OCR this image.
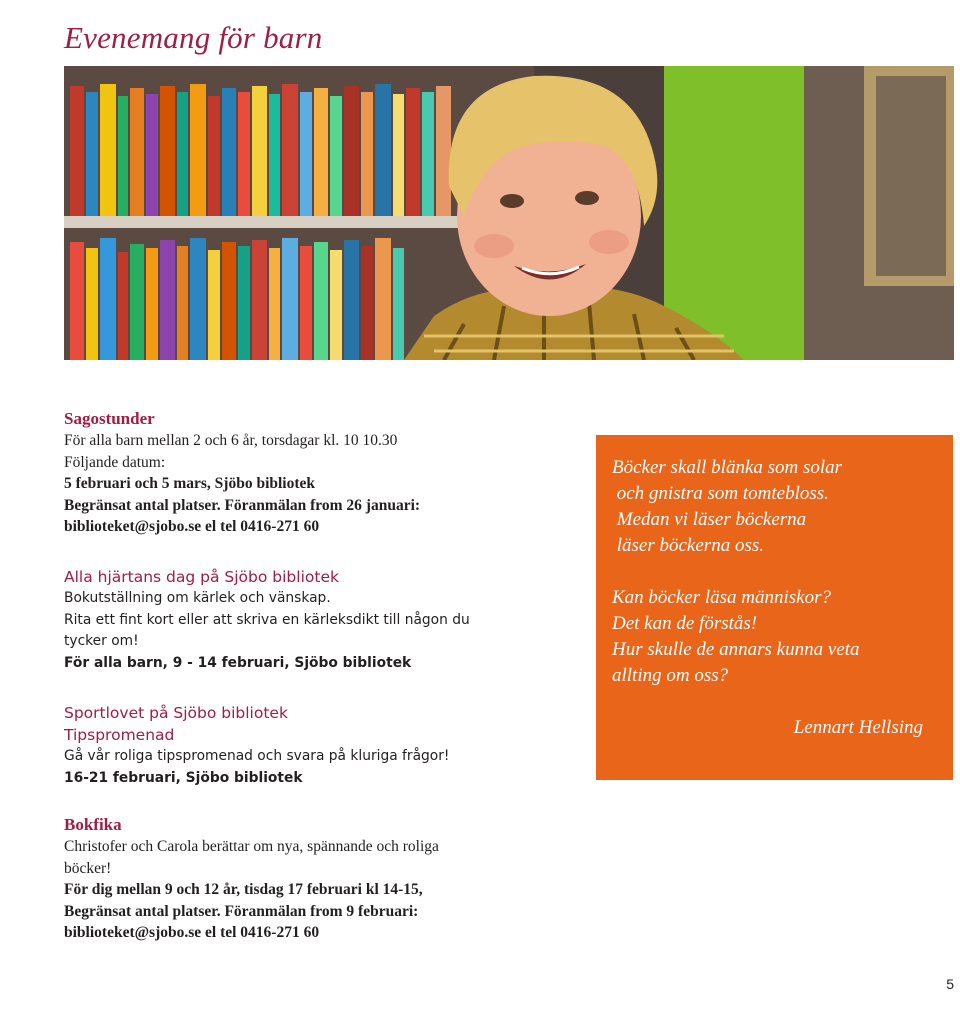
Evenemang för barn
Sagostunder
För alla barn mellan 2 och 6 år, torsdagar kl. 10 10.30
Följande datum:
5 februari och 5 mars, Sjöbo bibliotek
Begränsat antal platser. Föranmälan from 26 januari:
biblioteket@sjobo.se el tel 0416-271 60
Alla hjärtans dag på Sjöbo bibliotek
Bokutställning om kärlek och vänskap.
Rita ett fint kort eller att skriva en kärleksdikt till någon du
tycker om!
För alla barn, 9 - 14 februari, Sjöbo bibliotek
Sportlovet på Sjöbo bibliotek
Tipspromenad
Gå vår roliga tipspromenad och svara på kluriga frågor!
16-21 februari, Sjöbo bibliotek
Bokfika
Christofer och Carola berättar om nya, spännande och roliga
böcker!
För dig mellan 9 och 12 år, tisdag 17 februari kl 14-15,
Begränsat antal platser. Föranmälan from 9 februari:
biblioteket@sjobo.se el tel 0416-271 60
Böcker skall blänka som solar
och gnistra som tomtebloss.
Medan vi läser böckerna
läser böckerna oss.
Kan böcker läsa människor?
Det kan de förstås!
Hur skulle de annars kunna veta
allting om oss?
Lennart Hellsing
5
